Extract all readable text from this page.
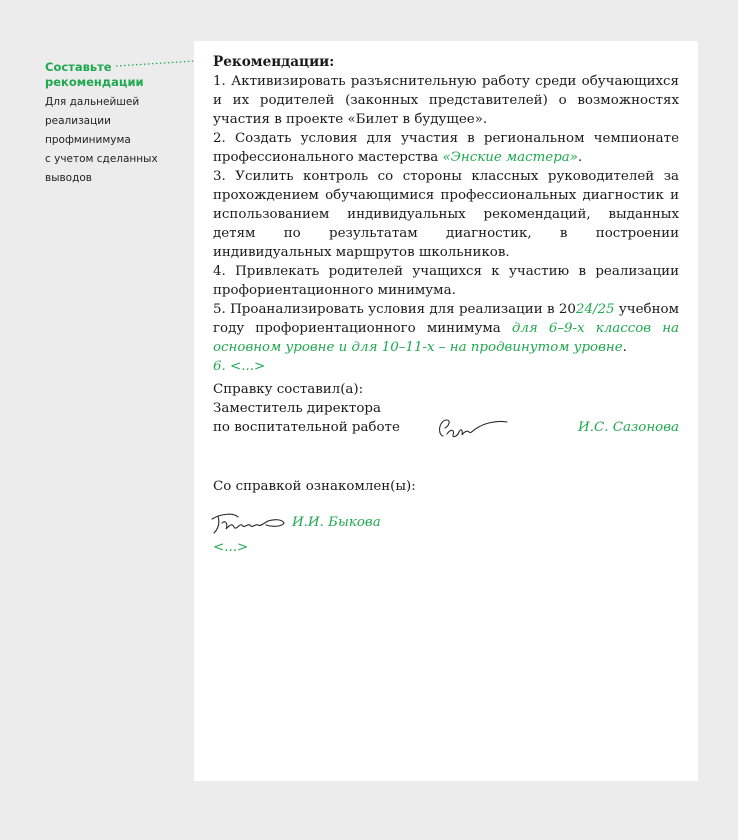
Составьте рекомендации
Для дальнейшей
реализации
профминимума
с учетом сделанных
выводов

Рекомендации:

1. Активизировать разъяснительную работу среди обучающихся и их родителей (законных представителей) о возможностях участия в проекте «Билет в будущее».

2. Создать условия для участия в региональном чемпионате профессионального мастерства «Энские мастера».

3. Усилить контроль со стороны классных руководителей за прохождением обучающимися профессиональных диагностик и использованием индивидуальных рекомендаций, выданных детям по результатам диагностик, в построении индивидуальных маршрутов школьников.

4. Привлекать родителей учащихся к участию в реализации профориентационного минимума.

5. Проанализировать условия для реализации в 2024/25 учебном году профориентационного минимума для 6–9-х классов на основном уровне и для 10–11-х – на продвинутом уровне.

6. <...>

Справку составил(а):
Заместитель директора
по воспитательной работе	И.С. Сазонова
Со справкой ознакомлен(ы):
И.И. Быкова
<...>
